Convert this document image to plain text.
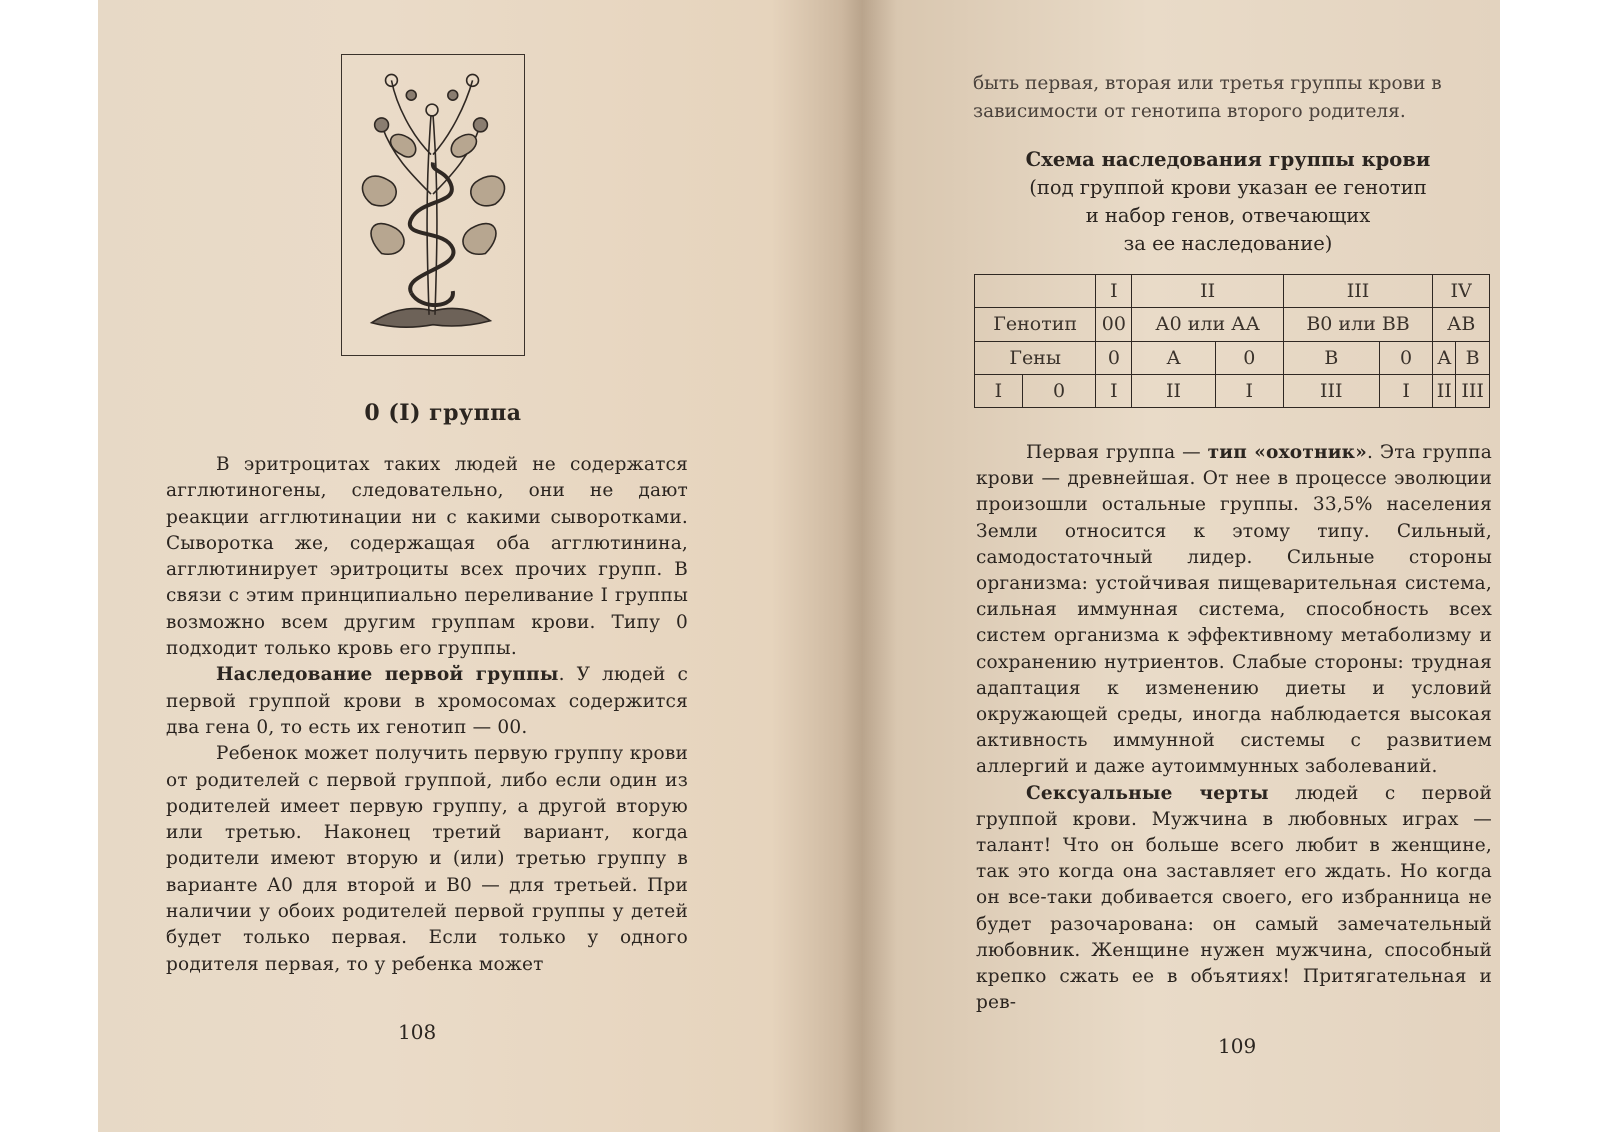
0 (I) группа

В эритроцитах таких людей не содержатся агглютиногены, следовательно, они не дают реакции агглютинации ни с какими сыворотками. Сыворотка же, содержащая оба агглютинина, агглютинирует эритроциты всех прочих групп. В связи с этим принципиально переливание I группы возможно всем другим группам крови. Типу 0 подходит только кровь его группы.

Наследование первой группы. У людей с первой группой крови в хромосомах содержится два гена 0, то есть их генотип — 00.

Ребенок может получить первую группу крови от родителей с первой группой, либо если один из родителей имеет первую группу, а другой вторую или третью. Наконец третий вариант, когда родители имеют вторую и (или) третью группу в варианте А0 для второй и В0 — для третьей. При наличии у обоих родителей первой группы у детей будет только первая. Если только у одного родителя первая, то у ребенка может

108

быть первая, вторая или третья группы крови в зависимости от генотипа второго родителя.

Схема наследования группы крови
(под группой крови указан ее генотип
и набор генов, отвечающих
за ее наследование)
		I	II		III		IV	
Генотип		00	А0 или АА		В0 или ВВ		АВ	
Гены		0	А	0	В	0	А	В
I	0	I	II	I	III	I	II	III

Первая группа — тип «охотник». Эта группа крови — древнейшая. От нее в процессе эволюции произошли остальные группы. 33,5% населения Земли относится к этому типу. Сильный, самодостаточный лидер. Сильные стороны организма: устойчивая пищеварительная система, сильная иммунная система, способность всех систем организма к эффективному метаболизму и сохранению нутриентов. Слабые стороны: трудная адаптация к изменению диеты и условий окружающей среды, иногда наблюдается высокая активность иммунной системы с развитием аллергий и даже аутоиммунных заболеваний.

Сексуальные черты людей с первой группой крови. Мужчина в любовных играх — талант! Что он больше всего любит в женщине, так это когда она заставляет его ждать. Но когда он все-таки добивается своего, его избранница не будет разочарована: он самый замечательный любовник. Женщине нужен мужчина, способный крепко сжать ее в объятиях! Притягательная и рев-

109
